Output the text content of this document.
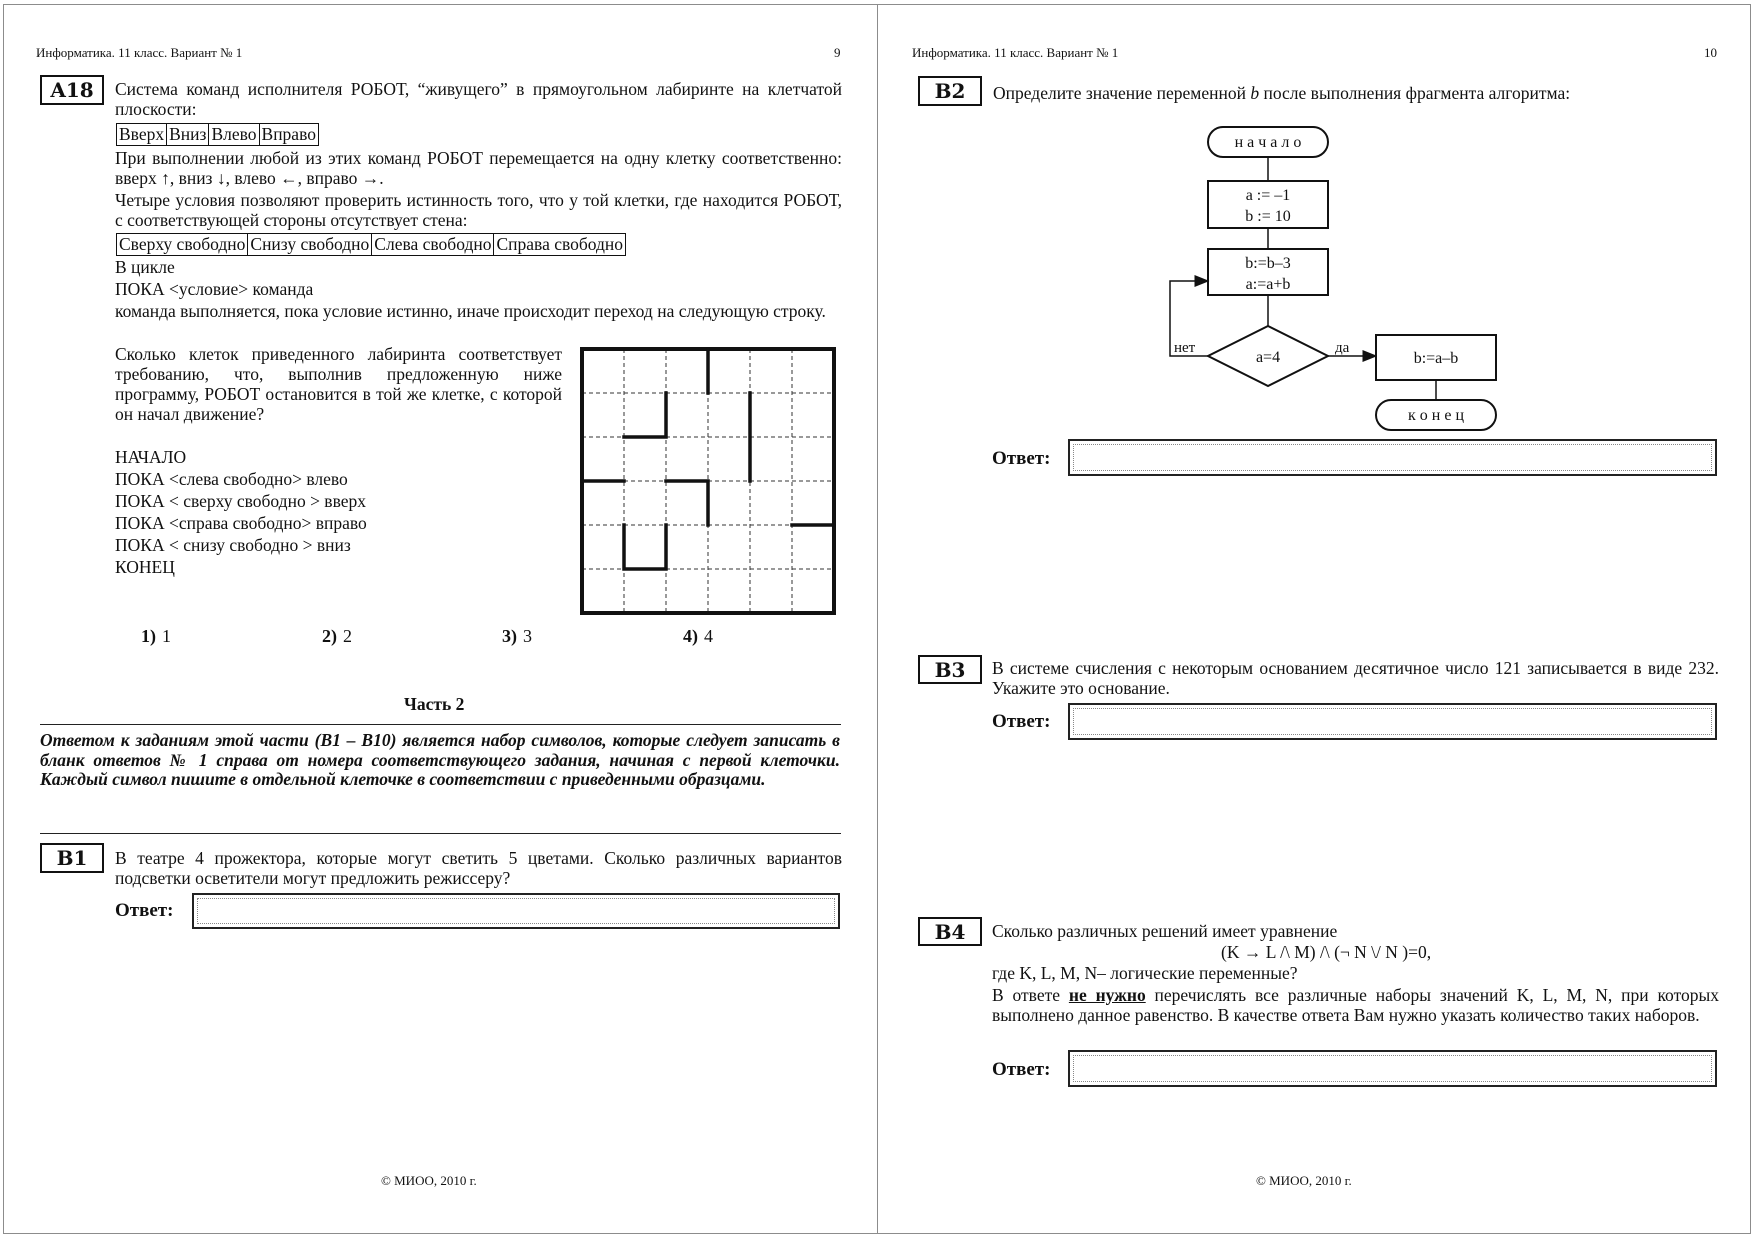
Информатика. 11 класс. Вариант № 1	9
A18	Система команд исполнителя РОБОТ, “живущего” в прямоугольном лабиринте на клетчатой плоскости:
Вверх Вниз Влево Вправо
При выполнении любой из этих команд РОБОТ перемещается на одну клетку соответственно: вверх ↑, вниз ↓, влево ←, вправо →.
Четыре условия позволяют проверить истинность того, что у той клетки, где находится РОБОТ, с соответствующей стороны отсутствует стена:
Сверху свободно Снизу свободно Слева свободно Справа свободно
В цикле
ПОКА <условие> команда
команда выполняется, пока условие истинно, иначе происходит переход на следующую строку.
Сколько клеток приведенного лабиринта соответствует требованию, что, выполнив предложенную ниже программу, РОБОТ остановится в той же клетке, с которой он начал движение?
НАЧАЛО
ПОКА <слева свободно> влево
ПОКА < сверху свободно > вверх
ПОКА <справа свободно> вправо
ПОКА < снизу свободно > вниз
КОНЕЦ
1) 1	2) 2	3) 3	4) 4
Часть 2
Ответом к заданиям этой части (В1 – В10) является набор символов, которые следует записать в бланк ответов № 1 справа от номера соответствующего задания, начиная с первой клеточки. Каждый символ пишите в отдельной клеточке в соответствии с приведенными образцами.
B1	В театре 4 прожектора, которые могут светить 5 цветами. Сколько различных вариантов подсветки осветители могут предложить режиссеру?
Ответ:
© МИОО, 2010 г.
Информатика. 11 класс. Вариант № 1	10
B2	Определите значение переменной b после выполнения фрагмента алгоритма:
н а ч а л о
a := –1
b := 10
b:=b–3
a:=a+b
a=4
нет	да
b:=a–b
к о н е ц
Ответ:
B3	В системе счисления с некоторым основанием десятичное число 121 записывается в виде 232. Укажите это основание.
Ответ:
B4	Сколько различных решений имеет уравнение
(K → L /\ M) /\ (¬ N \/ N )=0,
где K, L, M, N– логические переменные?
В ответе не нужно перечислять все различные наборы значений K, L, M, N, при которых выполнено данное равенство. В качестве ответа Вам нужно указать количество таких наборов.
Ответ:
© МИОО, 2010 г.
